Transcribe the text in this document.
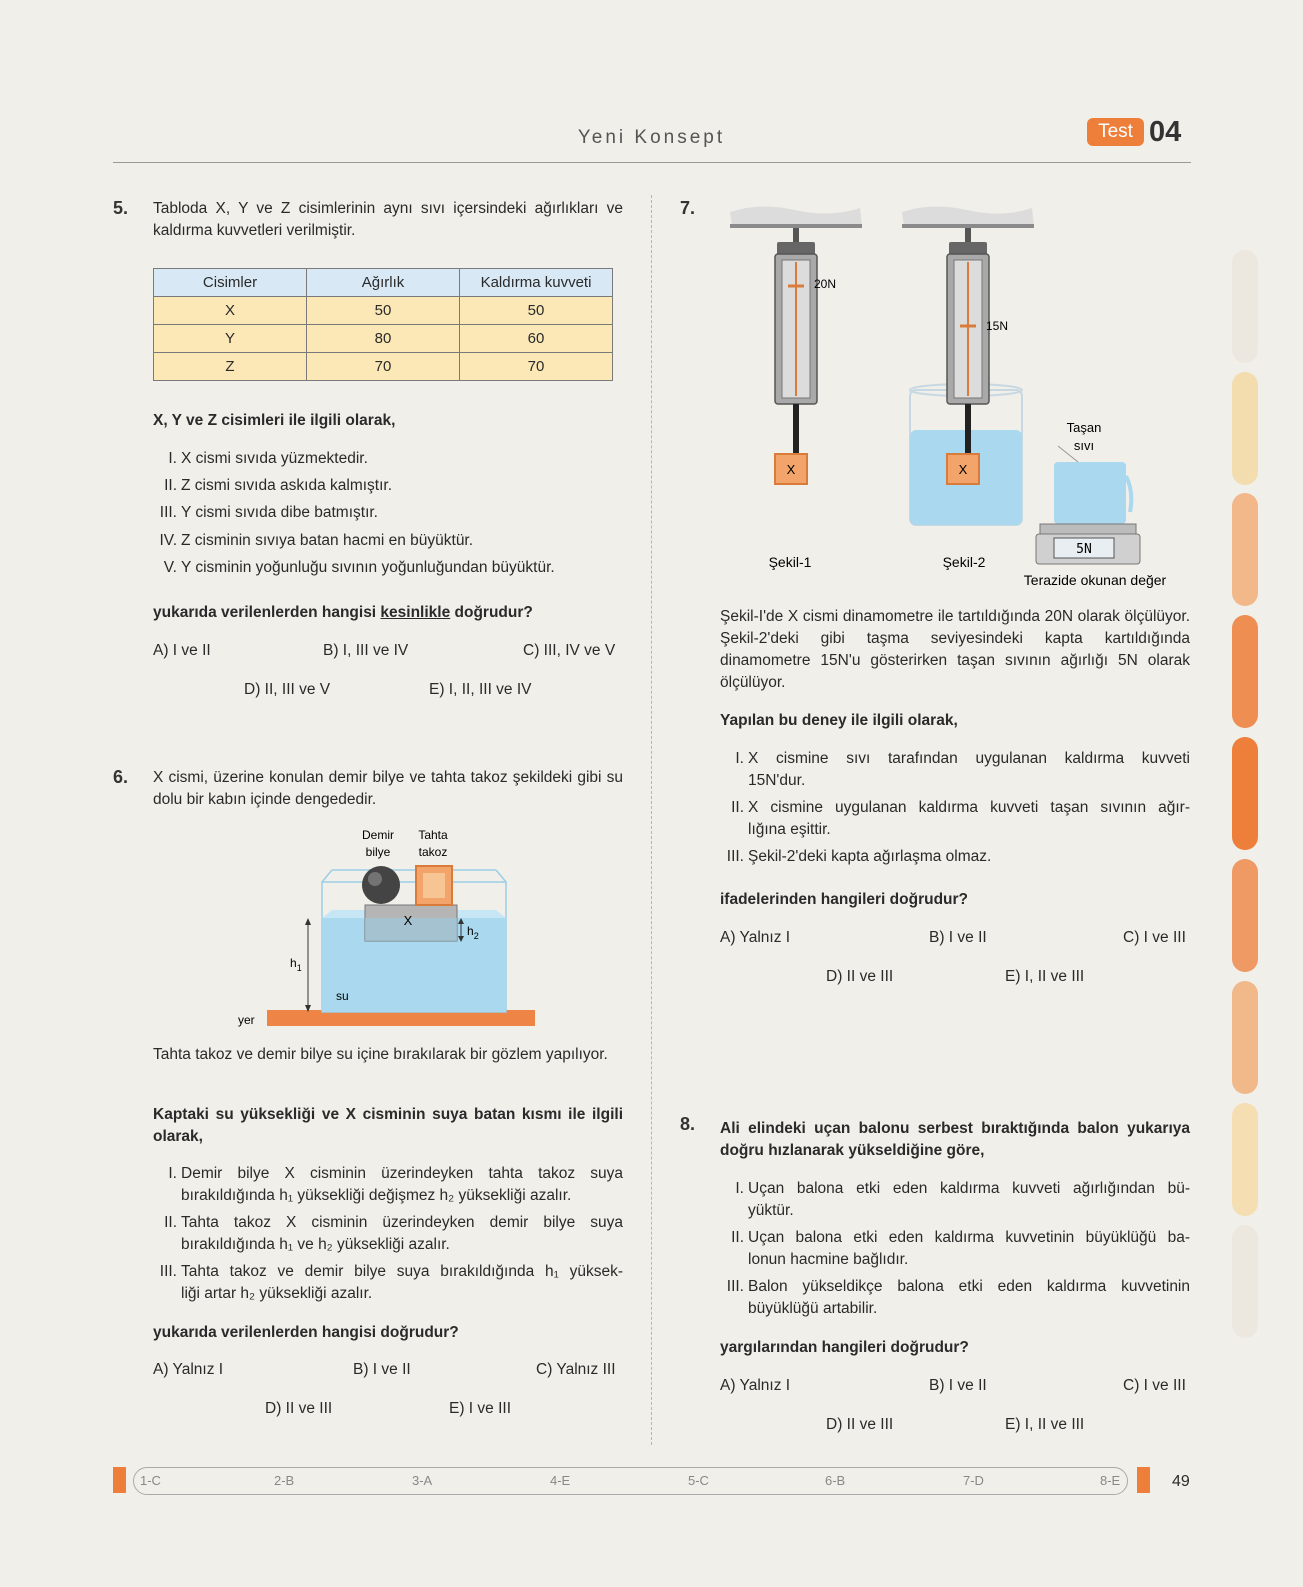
Yeni Konsept	Test 04
5. Tabloda X, Y ve Z cisimlerinin aynı sıvı içersindeki ağırlıkları ve kaldırma kuvvetleri verilmiştir.
Cisimler	Ağırlık	Kaldırma kuvveti
X	50	50
Y	80	60
Z	70	70
X, Y ve Z cisimleri ile ilgili olarak,
I. X cismi sıvıda yüzmektedir.
II. Z cismi sıvıda askıda kalmıştır.
III. Y cismi sıvıda dibe batmıştır.
IV. Z cisminin sıvıya batan hacmi en büyüktür.
V. Y cisminin yoğunluğu sıvının yoğunluğundan büyüktür.
yukarıda verilenlerden hangisi kesinlikle doğrudur?
A) I ve II	B) I, III ve IV	C) III, IV ve V
D) II, III ve V	E) I, II, III ve IV
6. X cismi, üzerine konulan demir bilye ve tahta takoz şekildeki gibi su dolu bir kabın içinde dengededir.
Demir
bilye
Tahta
takoz
X
$h_1$
$h_2$
su
yer
Tahta takoz ve demir bilye su içine bırakılarak bir gözlem yapılıyor.
Kaptaki su yüksekliği ve X cisminin suya batan kısmı ile ilgili olarak,
I. Demir bilye X cisminin üzerindeyken tahta takoz suya
bırakıldığında h₁ yüksekliği değişmez h₂ yüksekliği azalır.
II. Tahta takoz X cisminin üzerindeyken demir bilye suya
bırakıldığında h₁ ve h₂ yüksekliği azalır.
III. Tahta takoz ve demir bilye suya bırakıldığında h₁ yüksek-
liği artar h₂ yüksekliği azalır.
yukarıda verilenlerden hangisi doğrudur?
A) Yalnız I	B) I ve II	C) Yalnız III
D) II ve III	E) I ve III
7.
X
20N
X
15N
5N
Taşan
sıvı
Şekil-1	Şekil-2
Terazide okunan değer
Şekil-I'de X cismi dinamometre ile tartıldığında 20N olarak ölçülüyor. Şekil-2'deki gibi taşma seviyesindeki kapta kartıldığında dinamometre 15N'u gösterirken taşan sıvının ağırlığı 5N olarak ölçülüyor.
Yapılan bu deney ile ilgili olarak,
I. X cismine sıvı tarafından uygulanan kaldırma kuvveti
15N'dur.
II. X cismine uygulanan kaldırma kuvveti taşan sıvının ağır-
lığına eşittir.
III. Şekil-2'deki kapta ağırlaşma olmaz.
ifadelerinden hangileri doğrudur?
A) Yalnız I	B) I ve II	C) I ve III
D) II ve III	E) I, II ve III
8. Ali elindeki uçan balonu serbest bıraktığında balon yukarıya doğru hızlanarak yükseldiğine göre,
I. Uçan balona etki eden kaldırma kuvveti ağırlığından bü-
yüktür.
II. Uçan balona etki eden kaldırma kuvvetinin büyüklüğü ba-
lonun hacmine bağlıdır.
III. Balon yükseldikçe balona etki eden kaldırma kuvvetinin
büyüklüğü artabilir.
yargılarından hangileri doğrudur?
A) Yalnız I	B) I ve II	C) I ve III
D) II ve III	E) I, II ve III
1-C	2-B	3-A	4-E	5-C	6-B	7-D	8-E	49
